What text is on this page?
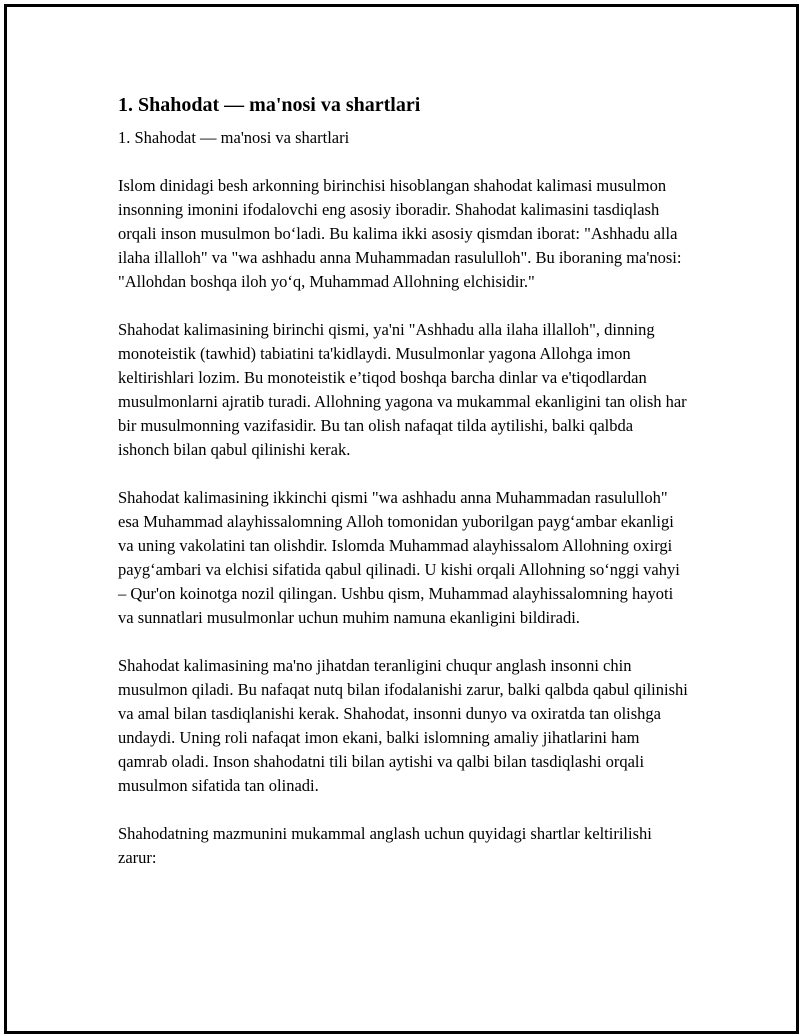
1. Shahodat — ma'nosi va shartlari

1. Shahodat — ma'nosi va shartlari

Islom dinidagi besh arkonning birinchisi hisoblangan shahodat kalimasi musulmon insonning imonini ifodalovchi eng asosiy iboradir. Shahodat kalimasini tasdiqlash orqali inson musulmon bo‘ladi. Bu kalima ikki asosiy qismdan iborat: "Ashhadu alla ilaha illalloh" va "wa ashhadu anna Muhammadan rasululloh". Bu iboraning ma'nosi: "Allohdan boshqa iloh yo‘q, Muhammad Allohning elchisidir."

Shahodat kalimasining birinchi qismi, ya'ni "Ashhadu alla ilaha illalloh", dinning monoteistik (tawhid) tabiatini ta'kidlaydi. Musulmonlar yagona Allohga imon keltirishlari lozim. Bu monoteistik e’tiqod boshqa barcha dinlar va e'tiqodlardan musulmonlarni ajratib turadi. Allohning yagona va mukammal ekanligini tan olish har bir musulmonning vazifasidir. Bu tan olish nafaqat tilda aytilishi, balki qalbda ishonch bilan qabul qilinishi kerak.

Shahodat kalimasining ikkinchi qismi "wa ashhadu anna Muhammadan rasululloh" esa Muhammad alayhissalomning Alloh tomonidan yuborilgan payg‘ambar ekanligi va uning vakolatini tan olishdir. Islomda Muhammad alayhissalom Allohning oxirgi payg‘ambari va elchisi sifatida qabul qilinadi. U kishi orqali Allohning so‘nggi vahyi – Qur'on koinotga nozil qilingan. Ushbu qism, Muhammad alayhissalomning hayoti va sunnatlari musulmonlar uchun muhim namuna ekanligini bildiradi.

Shahodat kalimasining ma'no jihatdan teranligini chuqur anglash insonni chin musulmon qiladi. Bu nafaqat nutq bilan ifodalanishi zarur, balki qalbda qabul qilinishi va amal bilan tasdiqlanishi kerak. Shahodat, insonni dunyo va oxiratda tan olishga undaydi. Uning roli nafaqat imon ekani, balki islomning amaliy jihatlarini ham qamrab oladi. Inson shahodatni tili bilan aytishi va qalbi bilan tasdiqlashi orqali musulmon sifatida tan olinadi.

Shahodatning mazmunini mukammal anglash uchun quyidagi shartlar keltirilishi zarur:
